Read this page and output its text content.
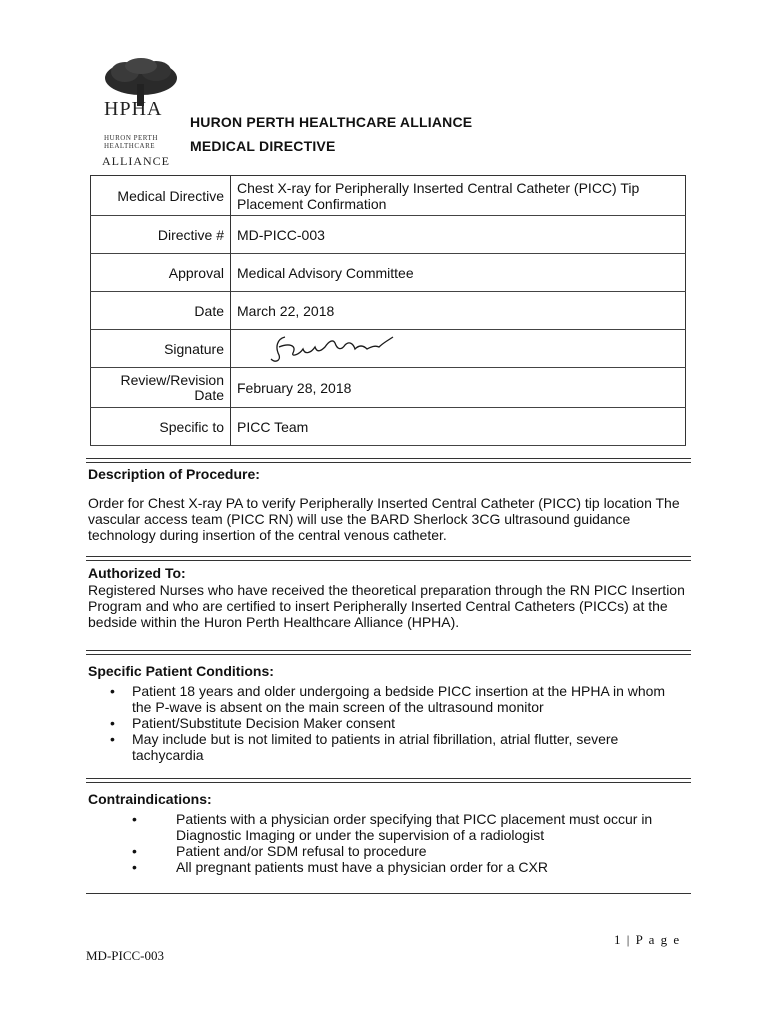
HPHA
HURON PERTH HEALTHCARE
ALLIANCE
HURON PERTH HEALTHCARE ALLIANCE
MEDICAL DIRECTIVE
Medical Directive	Chest X-ray for Peripherally Inserted Central Catheter (PICC) Tip Placement Confirmation
Directive #	MD-PICC-003
Approval	Medical Advisory Committee
Date	March 22, 2018
Signature	

Review/Revision Date	February 28, 2018
Specific to	PICC Team
Description of Procedure:
Order for Chest X-ray PA to verify Peripherally Inserted Central Catheter (PICC) tip location The vascular access team (PICC RN) will use the BARD Sherlock 3CG ultrasound guidance technology during insertion of the central venous catheter.
Authorized To:
Registered Nurses who have received the theoretical preparation through the RN PICC Insertion Program and who are certified to insert Peripherally Inserted Central Catheters (PICCs) at the bedside within the Huron Perth Healthcare Alliance (HPHA).
Specific Patient Conditions:
• Patient 18 years and older undergoing a bedside PICC insertion at the HPHA in whom the P-wave is absent on the main screen of the ultrasound monitor
• Patient/Substitute Decision Maker consent
• May include but is not limited to patients in atrial fibrillation, atrial flutter, severe tachycardia
Contraindications:
•	Patients with a physician order specifying that PICC placement must occur in Diagnostic Imaging or under the supervision of a radiologist
•	Patient and/or SDM refusal to procedure
•	All pregnant patients must have a physician order for a CXR
MD-PICC-003
1 | P a g e
